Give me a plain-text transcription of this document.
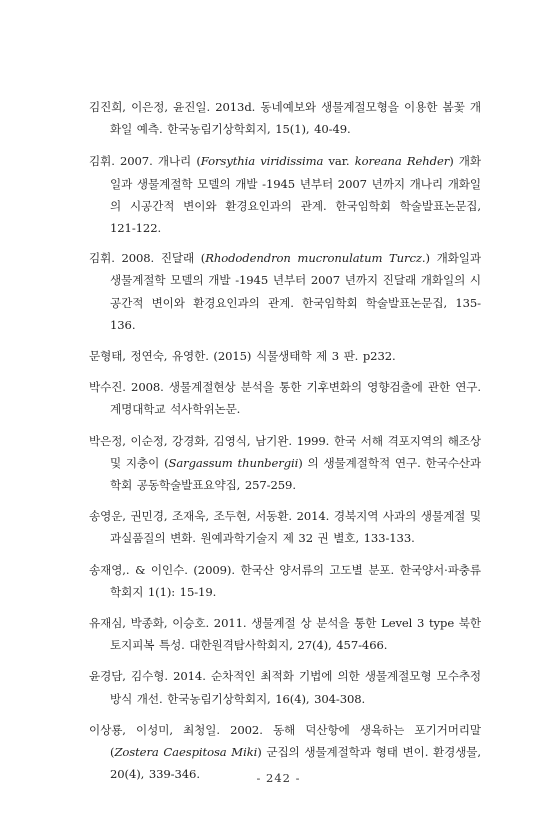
김진희, 이은정, 윤진일. 2013d. 동네예보와 생물계절모형을 이용한 봄꽃 개화일 예측. 한국농림기상학회지, 15(1), 40-49.
김휘. 2007. 개나리 (Forsythia viridissima var. koreana Rehder) 개화일과 생물계절학 모델의 개발 -1945 년부터 2007 년까지 개나리 개화일의 시공간적 변이와 환경요인과의 관계. 한국임학회 학술발표논문집, 121-122.
김휘. 2008. 진달래 (Rhododendron mucronulatum Turcz.) 개화일과 생물계절학 모델의 개발 -1945 년부터 2007 년까지 진달래 개화일의 시공간적 변이와 환경요인과의 관계. 한국임학회 학술발표논문집, 135-136.
문형태, 정연숙, 유영한. (2015) 식물생태학 제 3 판. p232.
박수진. 2008. 생물계절현상 분석을 통한 기후변화의 영향검출에 관한 연구. 계명대학교 석사학위논문.
박은정, 이순정, 강경화, 김영식, 남기완. 1999. 한국 서해 격포지역의 해조상 및 지충이 (Sargassum thunbergii) 의 생물계절학적 연구. 한국수산과학회 공동학술발표요약집, 257-259.
송영운, 권민경, 조재욱, 조두현, 서동환. 2014. 경북지역 사과의 생물계절 및 과실품질의 변화. 원예과학기술지 제 32 권 별호, 133-133.
송재영,. & 이인수. (2009). 한국산 양서류의 고도별 분포. 한국양서·파충류학회지 1(1): 15-19.
유재심, 박종화, 이승호. 2011. 생물계절 상 분석을 통한 Level 3 type 북한 토지피복 특성. 대한원격탐사학회지, 27(4), 457-466.
윤경담, 김수형. 2014. 순차적인 최적화 기법에 의한 생물계절모형 모수추정 방식 개선. 한국농림기상학회지, 16(4), 304-308.
이상룡, 이성미, 최청일. 2002. 동해 덕산항에 생육하는 포기거머리말 (Zostera Caespitosa Miki) 군집의 생물계절학과 형태 변이. 환경생물, 20(4), 339-346.	- 242 -
